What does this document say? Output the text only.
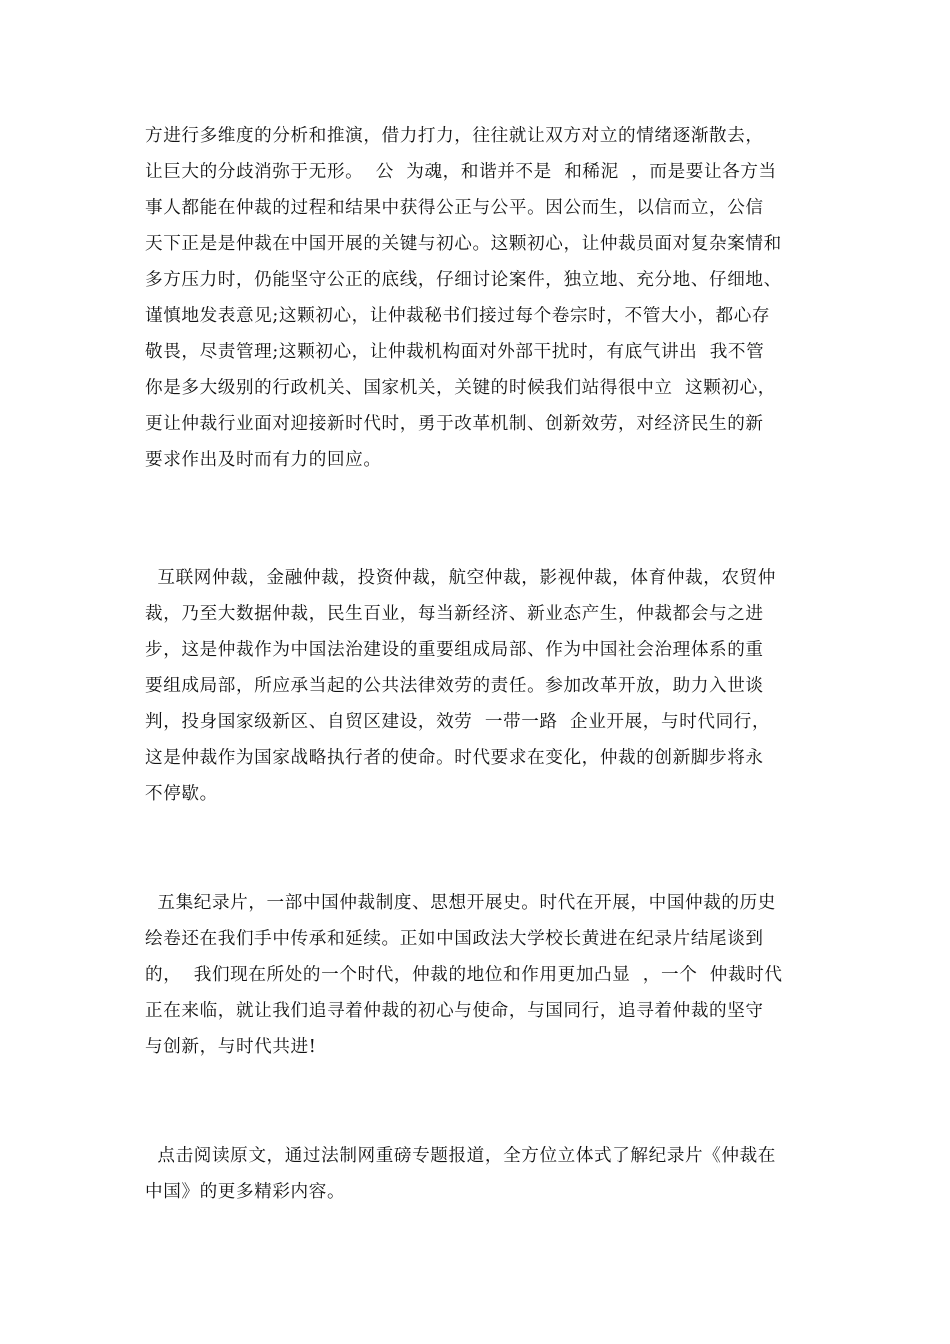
方进行多维度的分析和推演，借力打力，往往就让双方对立的情绪逐渐散去，
让巨大的分歧消弥于无形。  公  为魂，和谐并不是  和稀泥  ，而是要让各方当
事人都能在仲裁的过程和结果中获得公正与公平。因公而生，以信而立，公信
天下正是是仲裁在中国开展的关键与初心。这颗初心，让仲裁员面对复杂案情和
多方压力时，仍能坚守公正的底线，仔细讨论案件，独立地、充分地、仔细地、
谨慎地发表意见;这颗初心，让仲裁秘书们接过每个卷宗时，不管大小，都心存
敬畏，尽责管理;这颗初心，让仲裁机构面对外部干扰时，有底气讲出  我不管
你是多大级别的行政机关、国家机关，关键的时候我们站得很中立  这颗初心，
更让仲裁行业面对迎接新时代时，勇于改革机制、创新效劳，对经济民生的新
要求作出及时而有力的回应。
互联网仲裁，金融仲裁，投资仲裁，航空仲裁，影视仲裁，体育仲裁，农贸仲
裁，乃至大数据仲裁，民生百业，每当新经济、新业态产生，仲裁都会与之进
步，这是仲裁作为中国法治建设的重要组成局部、作为中国社会治理体系的重
要组成局部，所应承当起的公共法律效劳的责任。参加改革开放，助力入世谈
判，投身国家级新区、自贸区建设，效劳  一带一路  企业开展，与时代同行，
这是仲裁作为国家战略执行者的使命。时代要求在变化，仲裁的创新脚步将永
不停歇。
五集纪录片，一部中国仲裁制度、思想开展史。时代在开展，中国仲裁的历史
绘卷还在我们手中传承和延续。正如中国政法大学校长黄进在纪录片结尾谈到
的，  我们现在所处的一个时代，仲裁的地位和作用更加凸显  ，一个  仲裁时代
正在来临，就让我们追寻着仲裁的初心与使命，与国同行，追寻着仲裁的坚守
与创新，与时代共进!
点击阅读原文，通过法制网重磅专题报道，全方位立体式了解纪录片《仲裁在
中国》的更多精彩内容。
